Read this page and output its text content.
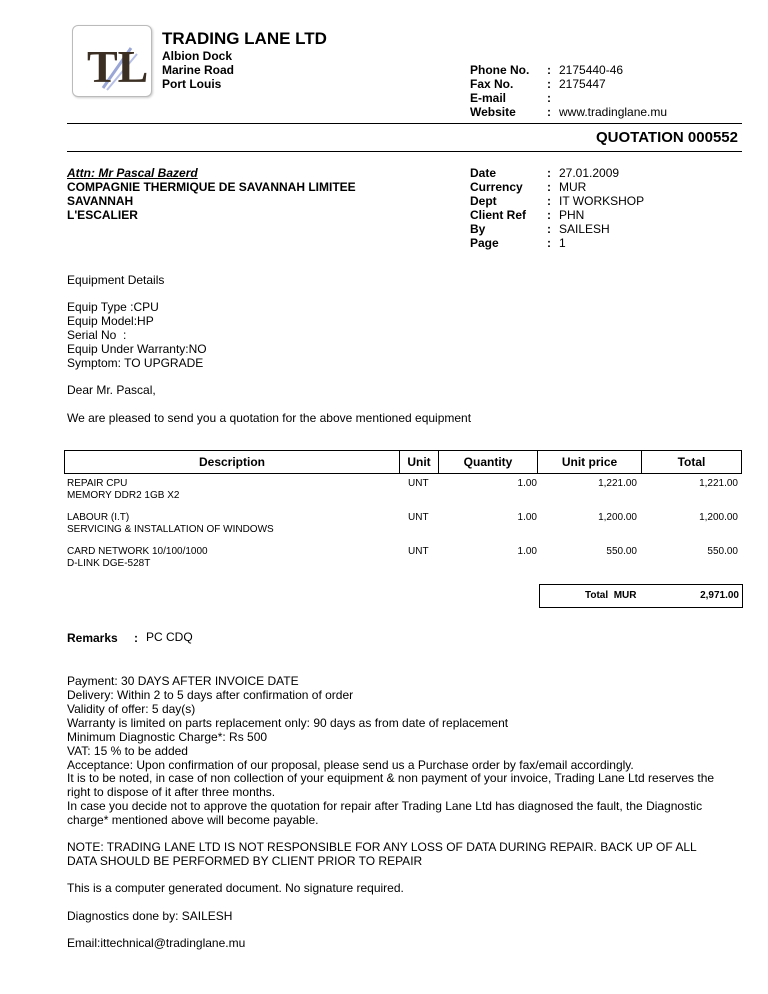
TL
TRADING LANE LTD
Albion Dock
Marine Road
Port Louis
Phone No. : 2175440-46
Fax No.	: 2175447
E-mail	:
Website	: www.tradinglane.mu
QUOTATION 000552
Attn: Mr Pascal Bazerd
COMPAGNIE THERMIQUE DE SAVANNAH LIMITEE
SAVANNAH
L'ESCALIER
Date	: 27.01.2009
Currency : MUR
Dept	: IT WORKSHOP
Client Ref : PHN
By	: SAILESH
Page	: 1
Equipment Details
Equip Type :CPU
Equip Model:HP
Serial No  :
Equip Under Warranty:NO
Symptom: TO UPGRADE
Dear Mr. Pascal,
We are pleased to send you a quotation for the above mentioned equipment
Description	Unit	Quantity	Unit price	Total
REPAIR CPU
MEMORY DDR2 1GB X2
UNT	1.00	1,221.00	1,221.00
LABOUR (I.T)
SERVICING & INSTALLATION OF WINDOWS
UNT	1.00	1,200.00	1,200.00
CARD NETWORK 10/100/1000
D-LINK DGE-528T
UNT	1.00	550.00	550.00
Total  MUR	2,971.00
Remarks : PC CDQ
Payment: 30 DAYS AFTER INVOICE DATE
Delivery: Within 2 to 5 days after confirmation of order
Validity of offer: 5 day(s)
Warranty is limited on parts replacement only: 90 days as from date of replacement
Minimum Diagnostic Charge*: Rs 500
VAT: 15 % to be added
Acceptance: Upon confirmation of our proposal, please send us a Purchase order by fax/email accordingly.
It is to be noted, in case of non collection of your equipment & non payment of your invoice, Trading Lane Ltd reserves the
right to dispose of it after three months.
In case you decide not to approve the quotation for repair after Trading Lane Ltd has diagnosed the fault, the Diagnostic
charge* mentioned above will become payable.
NOTE: TRADING LANE LTD IS NOT RESPONSIBLE FOR ANY LOSS OF DATA DURING REPAIR. BACK UP OF ALL
DATA SHOULD BE PERFORMED BY CLIENT PRIOR TO REPAIR
This is a computer generated document. No signature required.
Diagnostics done by: SAILESH
Email:ittechnical@tradinglane.mu
